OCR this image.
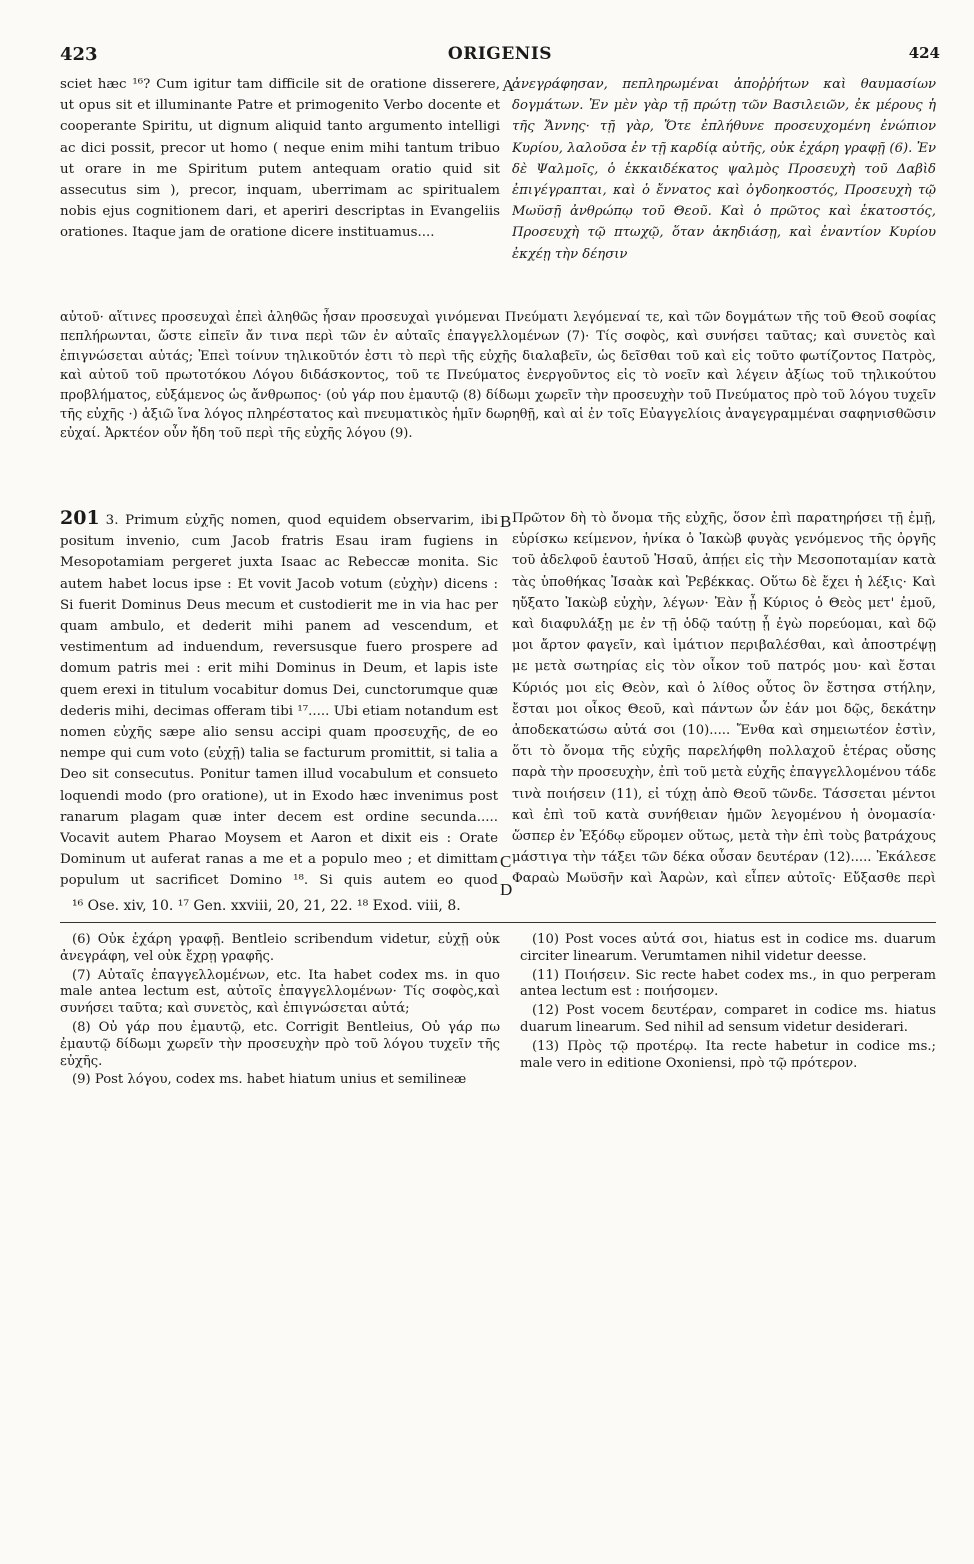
423	ORIGENIS	424
A
B
C
D

sciet hæc ¹⁶? Cum igitur tam difficile sit de oratione disserere, ut opus sit et illuminante Patre et primogenito Verbo docente et cooperante Spiritu, ut dignum aliquid tanto argumento intelligi ac dici possit, precor ut homo ( neque enim mihi tantum tribuo ut orare in me Spiritum putem antequam oratio quid sit assecutus sim ), precor, inquam, uberrimam ac spiritualem nobis ejus cognitionem dari, et aperiri descriptas in Evangeliis orationes. Itaque jam de oratione dicere instituamus....

ἀνεγράφησαν, πεπληρωμέναι ἀποῤῥήτων καὶ θαυμασίων δογμάτων. Ἐν μὲν γὰρ τῇ πρώτῃ τῶν Βασιλειῶν, ἐκ μέρους ἡ τῆς Ἄννης· τῇ γὰρ, Ὅτε ἐπλήθυνε προσευχομένη ἐνώπιον Κυρίου, λαλοῦσα ἐν τῇ καρδίᾳ αὐτῆς, οὐκ ἐχάρη γραφῇ (6). Ἐν δὲ Ψαλμοῖς, ὁ ἑκκαιδέκατος ψαλμὸς Προσευχὴ τοῦ Δαβὶδ ἐπιγέγραπται, καὶ ὁ ἔννατος καὶ ὀγδοηκοστός, Προσευχὴ τῷ Μωϋσῇ ἀνθρώπῳ τοῦ Θεοῦ. Καὶ ὁ πρῶτος καὶ ἑκατοστός, Προσευχὴ τῷ πτωχῷ, ὅταν ἀκηδιάσῃ, καὶ ἐναντίον Κυρίου ἐκχέῃ τὴν δέησιν

αὐτοῦ· αἵτινες προσευχαὶ ἐπεὶ ἀληθῶς ἦσαν προσευχαὶ γινόμεναι Πνεύματι λεγόμεναί τε, καὶ τῶν δογμάτων τῆς τοῦ Θεοῦ σοφίας πεπλήρωνται, ὥστε εἰπεῖν ἄν τινα περὶ τῶν ἐν αὐταῖς ἐπαγγελλομένων (7)· Τίς σοφὸς, καὶ συνήσει ταῦτας; καὶ συνετὸς καὶ ἐπιγνώσεται αὐτάς; Ἐπεὶ τοίνυν τηλικοῦτόν ἐστι τὸ περὶ τῆς εὐχῆς διαλαβεῖν, ὡς δεῖσθαι τοῦ καὶ εἰς τοῦτο φωτίζοντος Πατρὸς, καὶ αὐτοῦ τοῦ πρωτοτόκου Λόγου διδάσκοντος, τοῦ τε Πνεύματος ἐνεργοῦντος εἰς τὸ νοεῖν καὶ λέγειν ἀξίως τοῦ τηλικούτου προβλήματος, εὐξάμενος ὡς ἄνθρωπος· (οὐ γάρ που ἐμαυτῷ (8) δίδωμι χωρεῖν τὴν προσευχὴν τοῦ Πνεύματος πρὸ τοῦ λόγου τυχεῖν τῆς εὐχῆς ·) ἀξιῶ ἵνα λόγος πληρέστατος καὶ πνευματικὸς ἡμῖν δωρηθῇ, καὶ αἱ ἐν τοῖς Εὐαγγελίοις ἀναγεγραμμέναι σαφηνισθῶσιν εὐχαί. Ἀρκτέον οὖν ἤδη τοῦ περὶ τῆς εὐχῆς λόγου (9).

201 3. Primum εὐχῆς nomen, quod equidem observarim, ibi positum invenio, cum Jacob fratris Esau iram fugiens in Mesopotamiam pergeret juxta Isaac ac Rebeccæ monita. Sic autem habet locus ipse : Et vovit Jacob votum (εὐχὴν) dicens : Si fuerit Dominus Deus mecum et custodierit me in via hac per quam ambulo, et dederit mihi panem ad vescendum, et vestimentum ad induendum, reversusque fuero prospere ad domum patris mei : erit mihi Dominus in Deum, et lapis iste quem erexi in titulum vocabitur domus Dei, cunctorumque quæ dederis mihi, decimas offeram tibi ¹⁷..... Ubi etiam notandum est nomen εὐχῆς sæpe alio sensu accipi quam προσευχῆς, de eo nempe qui cum voto (εὐχῇ) talia se facturum promittit, si talia a Deo sit consecutus. Ponitur tamen illud vocabulum et consueto loquendi modo (pro oratione), ut in Exodo hæc invenimus post ranarum plagam quæ inter decem est ordine secunda..... Vocavit autem Pharao Moysem et Aaron et dixit eis : Orate Dominum ut auferat ranas a me et a populo meo ; et dimittam populum ut sacrificet Domino ¹⁸. Si quis autem eo quod

Πρῶτον δὴ τὸ ὄνομα τῆς εὐχῆς, ὅσον ἐπὶ παρατηρήσει τῇ ἐμῇ, εὑρίσκω κείμενον, ἡνίκα ὁ Ἰακὼβ φυγὰς γενόμενος τῆς ὀργῆς τοῦ ἀδελφοῦ ἑαυτοῦ Ἠσαῦ, ἀπῄει εἰς τὴν Μεσοποταμίαν κατὰ τὰς ὑποθήκας Ἰσαὰκ καὶ Ῥεβέκκας. Οὕτω δὲ ἔχει ἡ λέξις· Καὶ ηὔξατο Ἰακὼβ εὐχὴν, λέγων· Ἐὰν ᾖ Κύριος ὁ Θεὸς μετ' ἐμοῦ, καὶ διαφυλάξῃ με ἐν τῇ ὁδῷ ταύτῃ ᾗ ἐγὼ πορεύομαι, καὶ δῷ μοι ἄρτον φαγεῖν, καὶ ἱμάτιον περιβαλέσθαι, καὶ ἀποστρέψῃ με μετὰ σωτηρίας εἰς τὸν οἶκον τοῦ πατρός μου· καὶ ἔσται Κύριός μοι εἰς Θεὸν, καὶ ὁ λίθος οὗτος ὃν ἔστησα στήλην, ἔσται μοι οἶκος Θεοῦ, καὶ πάντων ὧν ἐάν μοι δῷς, δεκάτην ἀποδεκατώσω αὐτά σοι (10)..... Ἔνθα καὶ σημειωτέον ἐστὶν, ὅτι τὸ ὄνομα τῆς εὐχῆς παρελήφθη πολλαχοῦ ἑτέρας οὔσης παρὰ τὴν προσευχὴν, ἐπὶ τοῦ μετὰ εὐχῆς ἐπαγγελλομένου τάδε τινὰ ποιήσειν (11), εἰ τύχῃ ἀπὸ Θεοῦ τῶνδε. Τάσσεται μέντοι καὶ ἐπὶ τοῦ κατὰ συνήθειαν ἡμῶν λεγομένου ἡ ὀνομασία· ὥσπερ ἐν Ἐξόδῳ εὕρομεν οὕτως, μετὰ τὴν ἐπὶ τοὺς βατράχους μάστιγα τὴν τάξει τῶν δέκα οὖσαν δευτέραν (12)..... Ἐκάλεσε Φαραὼ Μωϋσῆν καὶ Ἀαρὼν, καὶ εἶπεν αὐτοῖς· Εὔξασθε περὶ

¹⁶ Ose. xiv, 10. ¹⁷ Gen. xxviii, 20, 21, 22. ¹⁸ Exod. viii, 8.

(6) Οὐκ ἐχάρη γραφῇ. Bentleio scribendum videtur, εὐχῇ οὐκ ἀνεγράφη, vel οὐκ ἔχρῃ γραφῆς.

(7) Αὐταῖς ἐπαγγελλομένων, etc. Ita habet codex ms. in quo male antea lectum est, αὐτοῖς ἐπαγγελλομένων· Τίς σοφὸς,καὶ συνήσει ταῦτα; καὶ συνετὸς, καὶ ἐπιγνώσεται αὐτά;

(8) Οὐ γάρ που ἐμαυτῷ, etc. Corrigit Bentleius, Οὐ γάρ πω ἐμαυτῷ δίδωμι χωρεῖν τὴν προσευχὴν πρὸ τοῦ λόγου τυχεῖν τῆς εὐχῆς.

(9) Post λόγου, codex ms. habet hiatum unius et semilineæ

(10) Post voces αὐτά σοι, hiatus est in codice ms. duarum circiter linearum. Verumtamen nihil videtur deesse.

(11) Ποιήσειν. Sic recte habet codex ms., in quo perperam antea lectum est : ποιήσομεν.

(12) Post vocem δευτέραν, comparet in codice ms. hiatus duarum linearum. Sed nihil ad sensum videtur desiderari.

(13) Πρὸς τῷ προτέρῳ. Ita recte habetur in codice ms.; male vero in editione Oxoniensi, πρὸ τῷ πρότερον.
